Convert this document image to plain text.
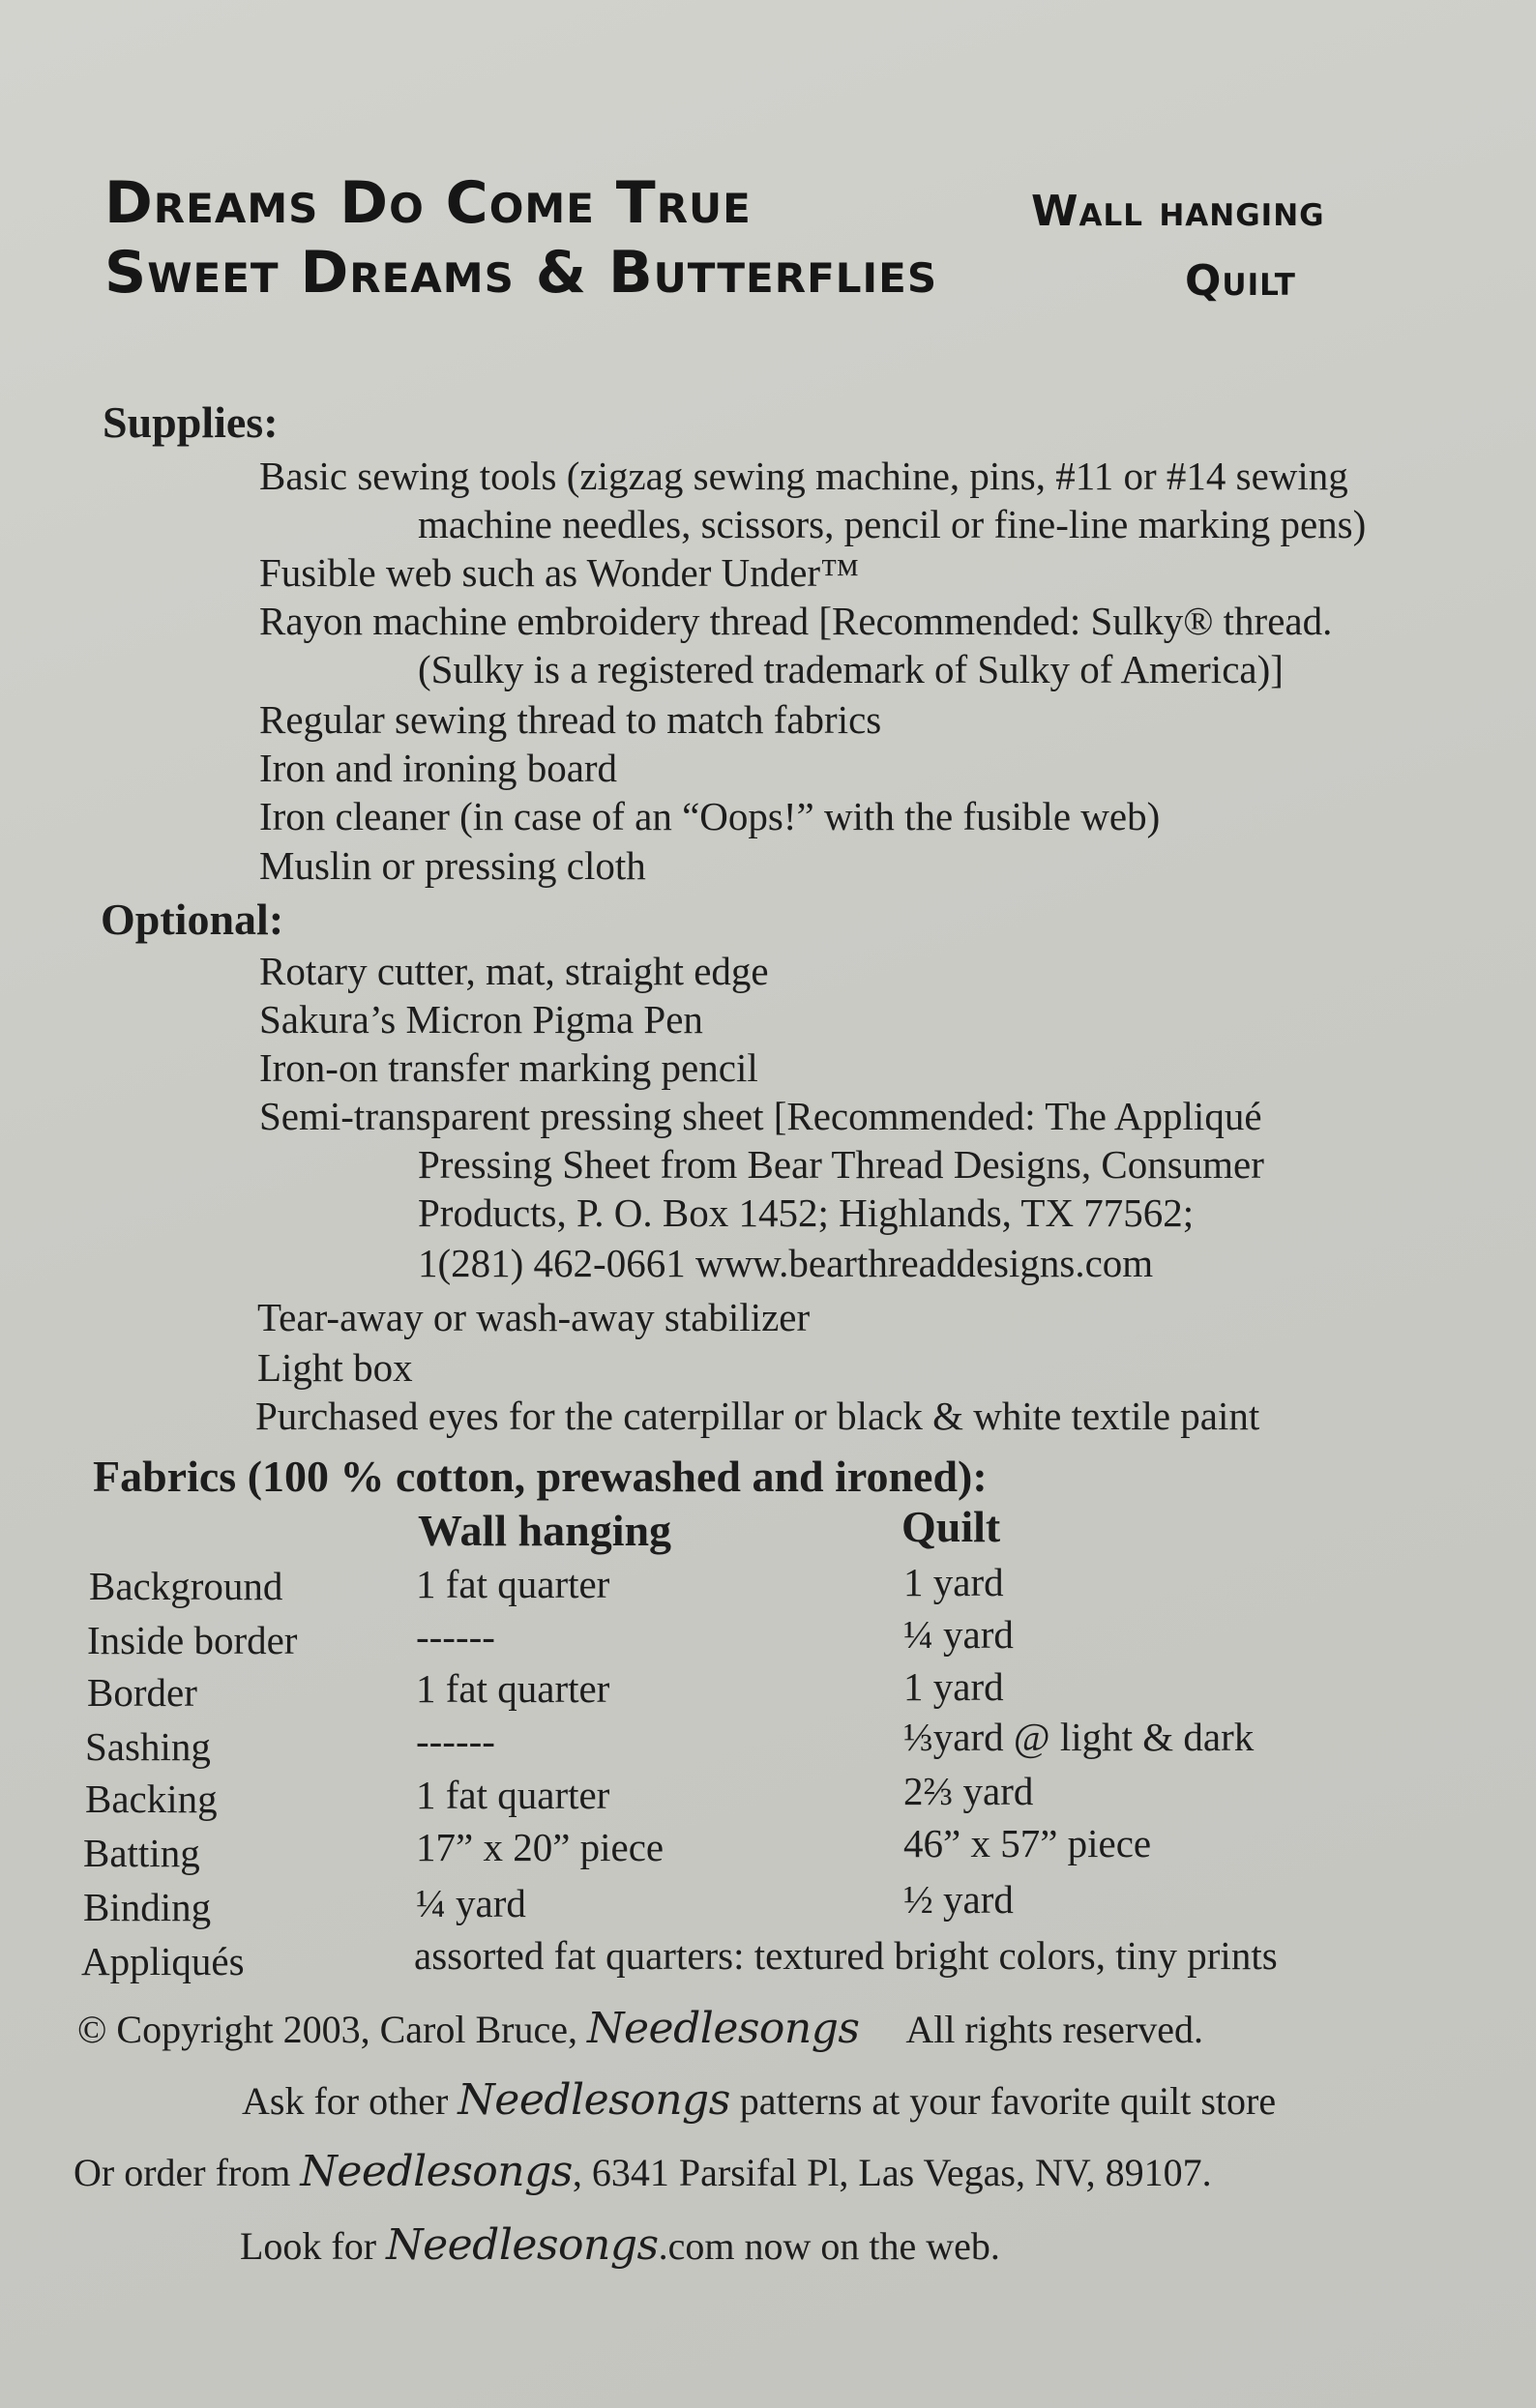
Dreams Do Come True	Wall hanging
Sweet Dreams & Butterflies	Quilt
Supplies:
Basic sewing tools (zigzag sewing machine, pins, #11 or #14 sewing
machine needles, scissors, pencil or fine-line marking pens)
Fusible web such as Wonder Under™
Rayon machine embroidery thread [Recommended: Sulky® thread.
(Sulky is a registered trademark of Sulky of America)]
Regular sewing thread to match fabrics
Iron and ironing board
Iron cleaner (in case of an “Oops!” with the fusible web)
Muslin or pressing cloth
Optional:
Rotary cutter, mat, straight edge
Sakura’s Micron Pigma Pen
Iron-on transfer marking pencil
Semi-transparent pressing sheet [Recommended: The Appliqué
Pressing Sheet from Bear Thread Designs, Consumer
Products, P. O. Box 1452; Highlands, TX 77562;
1(281) 462-0661 www.bearthreaddesigns.com
Tear-away or wash-away stabilizer
Light box
Purchased eyes for the caterpillar or black & white textile paint
Fabrics (100 % cotton, prewashed and ironed):
Wall hanging	Quilt
Background	1 fat quarter	1 yard
Inside border	------	¼ yard
Border	1 fat quarter	1 yard
Sashing	------	⅓yard @ light & dark
Backing	1 fat quarter	2⅔ yard
Batting	17” x 20” piece	46” x 57” piece
Binding	¼ yard	½ yard
Appliqués	assorted fat quarters: textured bright colors, tiny prints
© Copyright 2003, Carol Bruce, Needlesongs All rights reserved.
Ask for other Needlesongs patterns at your favorite quilt store
Or order from Needlesongs, 6341 Parsifal Pl, Las Vegas, NV, 89107.
Look for Needlesongs.com now on the web.
